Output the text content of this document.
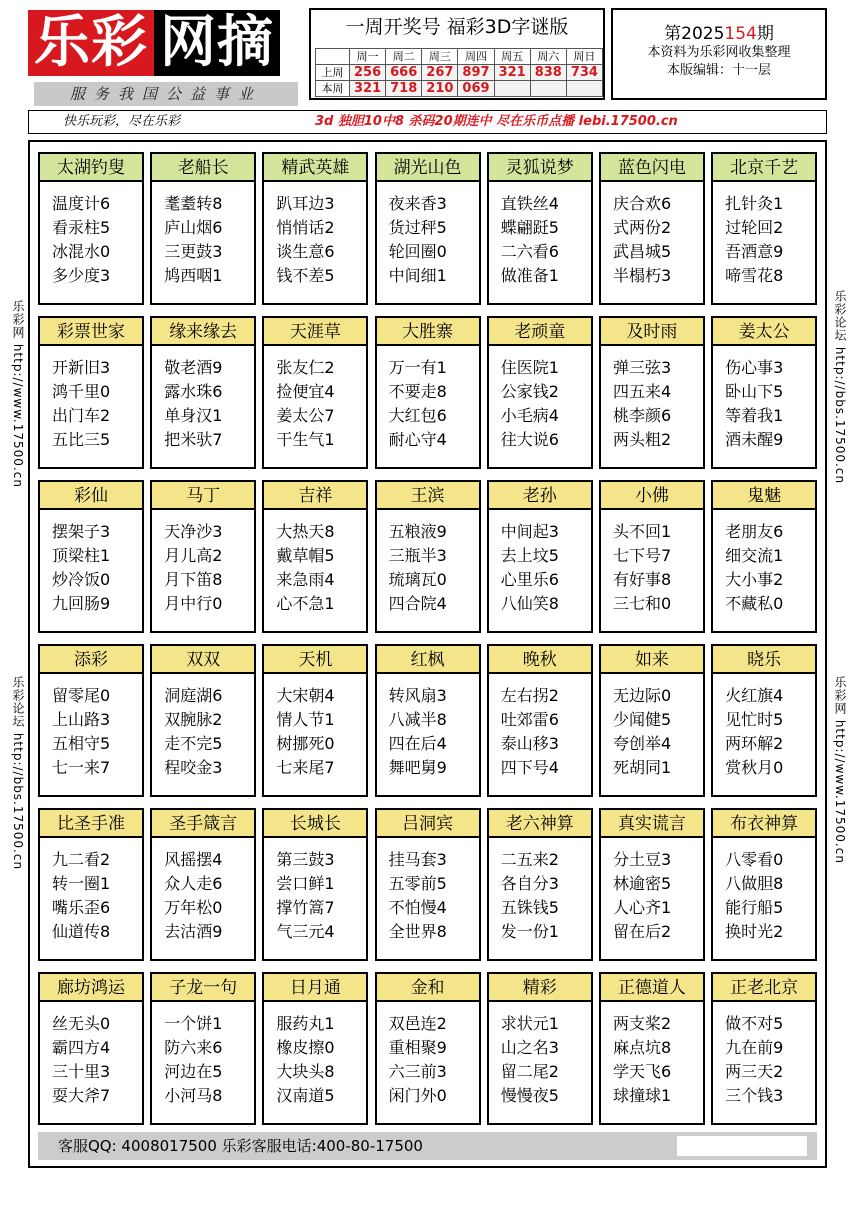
乐彩 网摘
服务我国公益事业
一周开奖号 福彩3D字谜版
	周一	周二	周三	周四	周五	周六	周日
上周	256	666	267	897	321	838	734
本周	321	718	210	069			
第2025154期
本资料为乐彩网收集整理
本版编辑：十一层
快乐玩彩，尽在乐彩	3d 独胆10中8 杀码20期连中 尽在乐币点播 lebi.17500.cn
乐彩网 http://www.17500.cn
乐彩论坛 http://bbs.17500.cn
乐彩论坛 http://bbs.17500.cn
乐彩网 http://www.17500.cn
太湖钓叟
温度计6
看汞柱5
冰混水0
多少度3
老船长
耄耋转8
庐山烟6
三更鼓3
鸠西咽1
精武英雄
趴耳边3
悄悄话2
谈生意6
钱不差5
湖光山色
夜来香3
货过秤5
轮回圈0
中间细1
灵狐说梦
直铁丝4
蝶翩跹5
二六看6
做准备1
蓝色闪电
庆合欢6
式两份2
武昌城5
半榻朽3
北京千艺
扎针灸1
过轮回2
吾酒意9
啼雪花8
彩票世家
开新旧3
鸿千里0
出门车2
五比三5
缘来缘去
敬老酒9
露水珠6
单身汉1
把米驮7
天涯草
张友仁2
捡便宜4
姜太公7
干生气1
大胜寨
万一有1
不要走8
大红包6
耐心守4
老顽童
住医院1
公家钱2
小毛病4
往大说6
及时雨
弹三弦3
四五来4
桃李颜6
两头粗2
姜太公
伤心事3
卧山下5
等着我1
酒未醒9
彩仙
摆架子3
顶梁柱1
炒冷饭0
九回肠9
马丁
天净沙3
月儿高2
月下笛8
月中行0
吉祥
大热天8
戴草帽5
来急雨4
心不急1
王滨
五粮液9
三瓶半3
琉璃瓦0
四合院4
老孙
中间起3
去上坟5
心里乐6
八仙笑8
小佛
头不回1
七下号7
有好事8
三七和0
鬼魅
老朋友6
细交流1
大小事2
不藏私0
添彩
留零尾0
上山路3
五相守5
七一来7
双双
洞庭湖6
双腕脉2
走不完5
程咬金3
天机
大宋朝4
情人节1
树挪死0
七来尾7
红枫
转风扇3
八减半8
四在后4
舞吧舅9
晚秋
左右拐2
吐郊雷6
泰山移3
四下号4
如来
无边际0
少闻健5
夸创举4
死胡同1
晓乐
火红旗4
见忙时5
两环解2
赏秋月0
比圣手准
九二看2
转一圈1
嘴乐歪6
仙道传8
圣手箴言
风摇摆4
众人走6
万年松0
去沽酒9
长城长
第三鼓3
尝口鲜1
撑竹篙7
气三元4
吕洞宾
挂马套3
五零前5
不怕慢4
全世界8
老六神算
二五来2
各自分3
五铢钱5
发一份1
真实谎言
分土豆3
林逾密5
人心齐1
留在后2
布衣神算
八零看0
八做胆8
能行船5
换时光2
廊坊鸿运
丝无头0
霸四方4
三十里3
耍大斧7
子龙一句
一个饼1
防六来6
河边在5
小河马8
日月通
服药丸1
橡皮擦0
大块头8
汉南道5
金和
双邑连2
重相聚9
六三前3
闲门外0
精彩
求状元1
山之名3
留二尾2
慢慢夜5
正德道人
两支桨2
麻点坑8
学天飞6
球撞球1
正老北京
做不对5
九在前9
两三天2
三个钱3
客服QQ: 4008017500 乐彩客服电话:400-80-17500
